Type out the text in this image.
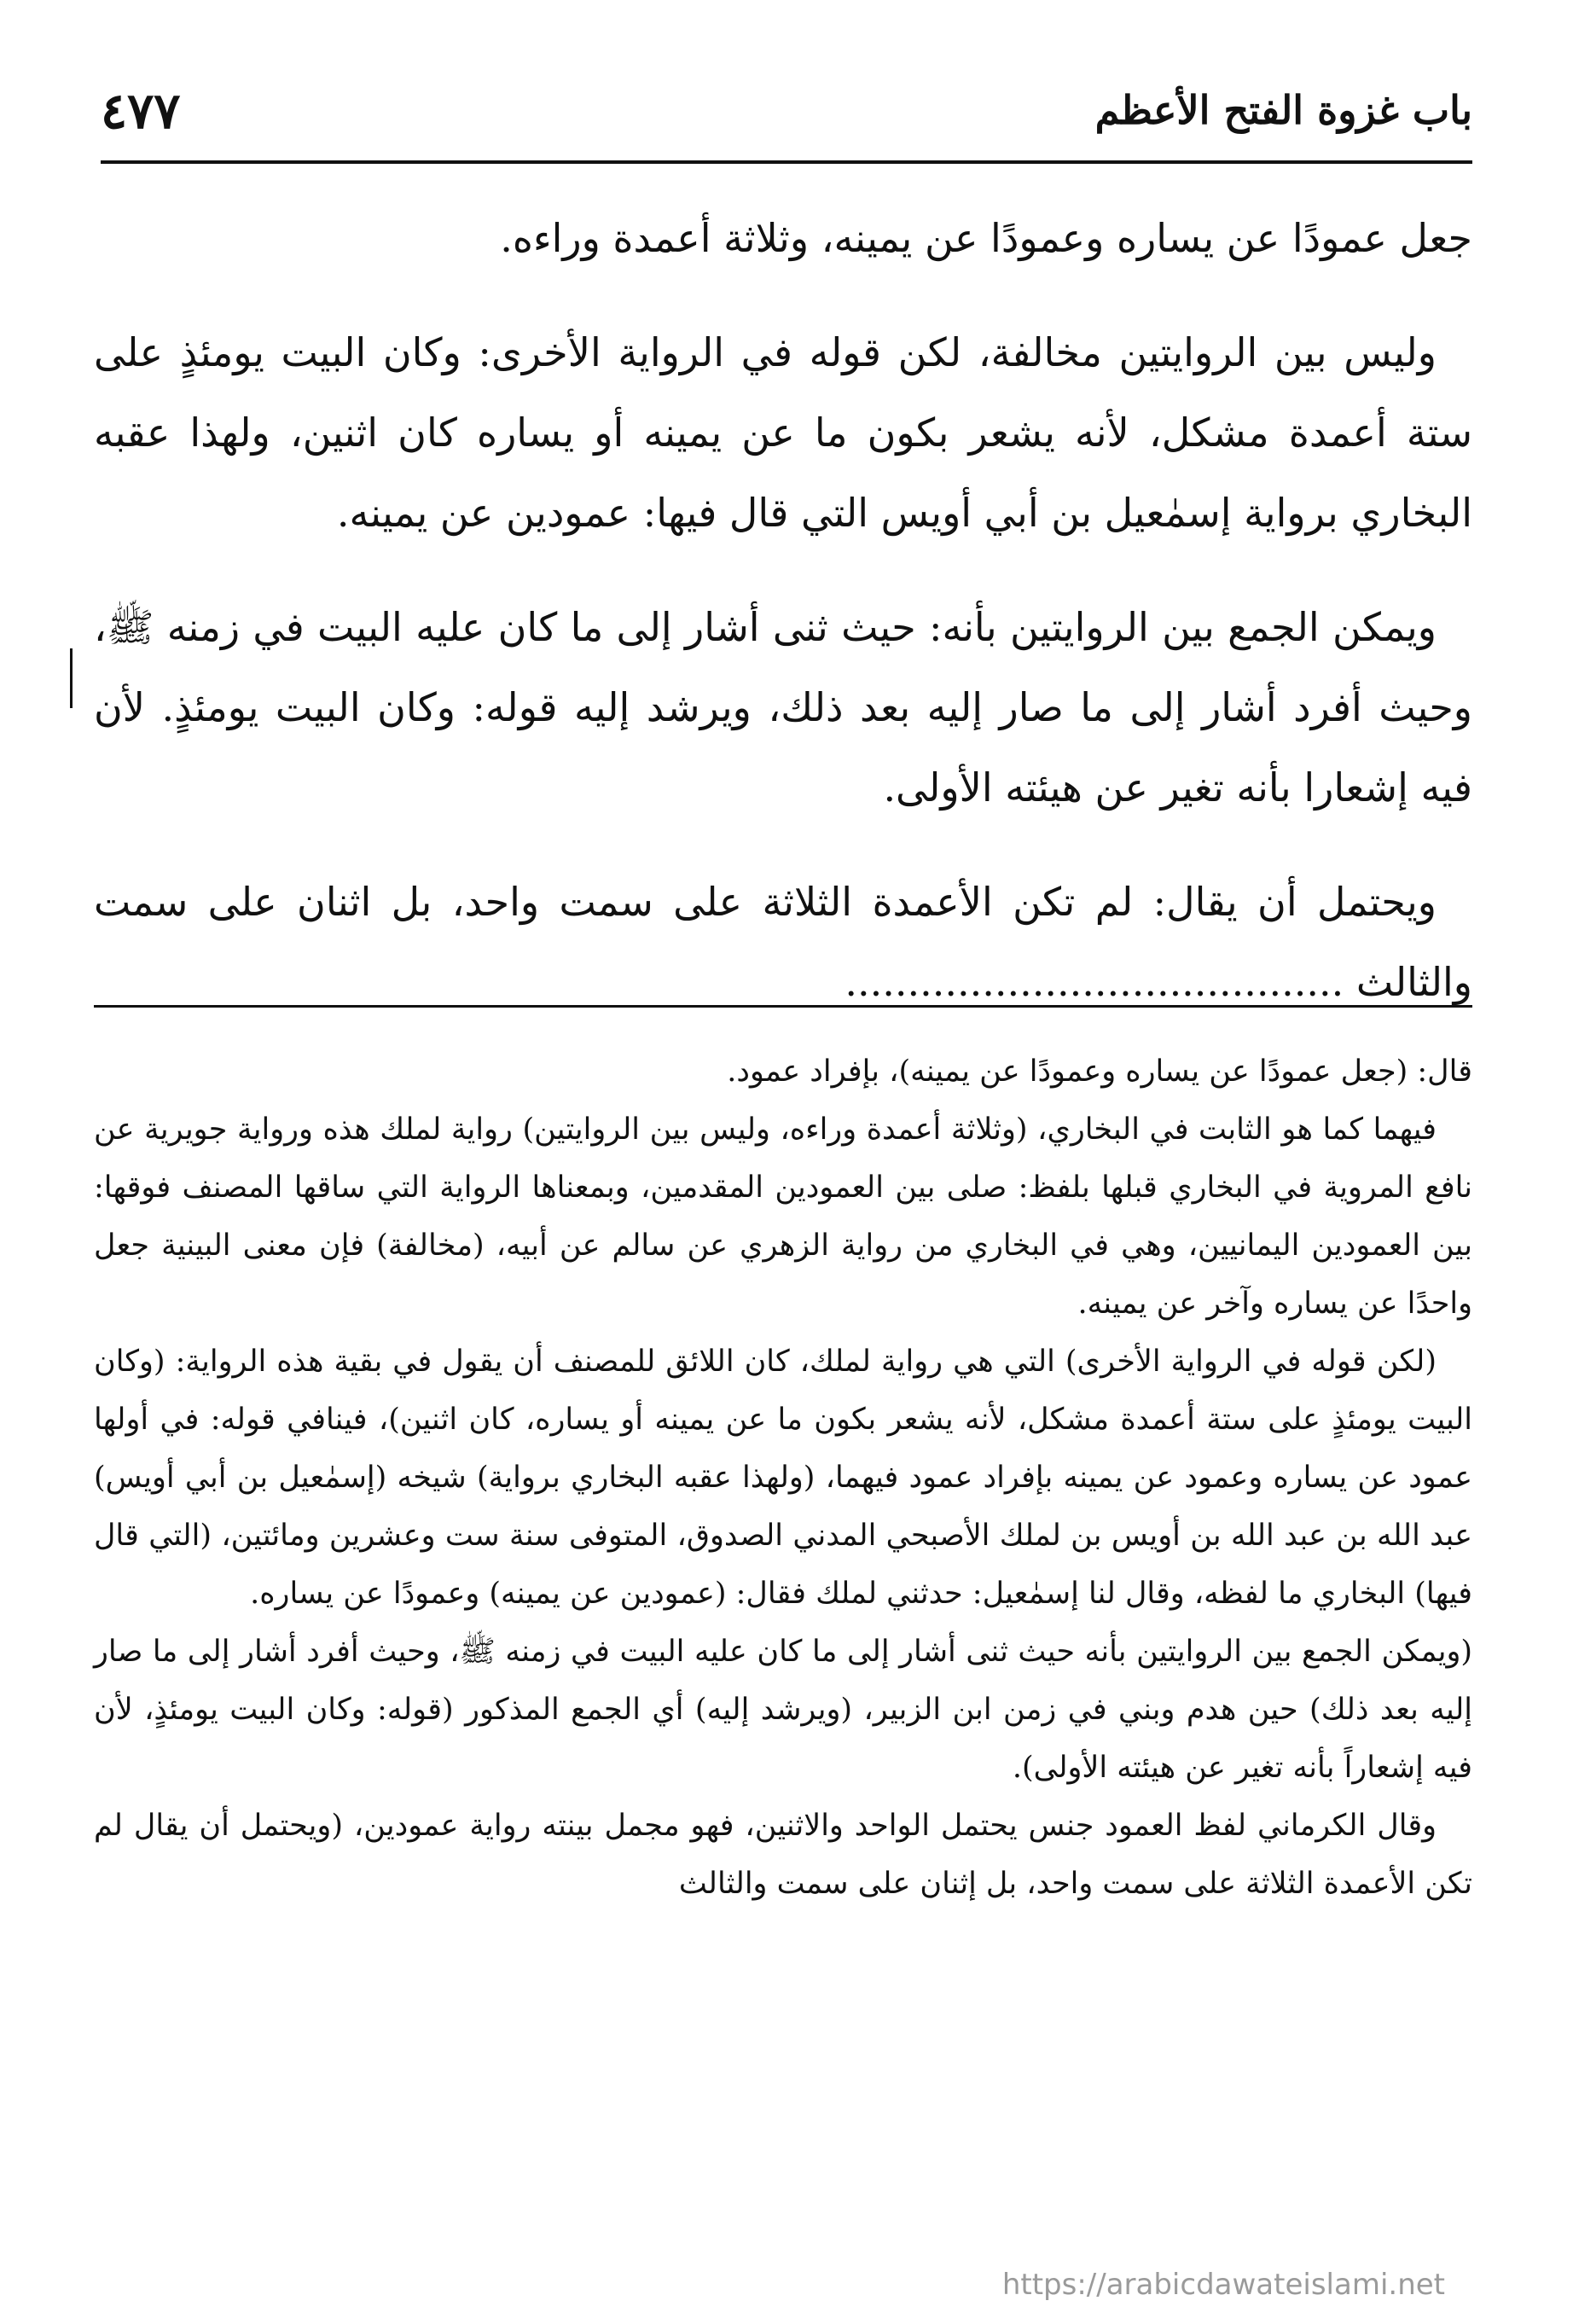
باب غزوة الفتح الأعظم
٤٧٧

جعل عمودًا عن يساره وعمودًا عن يمينه، وثلاثة أعمدة وراءه.

وليس بين الروايتين مخالفة، لكن قوله في الرواية الأخرى: وكان البيت يومئذٍ على ستة أعمدة مشكل، لأنه يشعر بكون ما عن يمينه أو يساره كان اثنين، ولهذا عقبه البخاري برواية إسمٰعيل بن أبي أويس التي قال فيها: عمودين عن يمينه.

ويمكن الجمع بين الروايتين بأنه: حيث ثنى أشار إلى ما كان عليه البيت في زمنه ﷺ، وحيث أفرد أشار إلى ما صار إليه بعد ذلك، ويرشد إليه قوله: وكان البيت يومئذٍ. لأن فيه إشعارا بأنه تغير عن هيئته الأولى.

ويحتمل أن يقال: لم تكن الأعمدة الثلاثة على سمت واحد، بل اثنان على سمت والثالث ........................................

قال: (جعل عمودًا عن يساره وعمودًا عن يمينه)، بإفراد عمود.

فيهما كما هو الثابت في البخاري، (وثلاثة أعمدة وراءه، وليس بين الروايتين) رواية لملك هذه ورواية جويرية عن نافع المروية في البخاري قبلها بلفظ: صلى بين العمودين المقدمين، وبمعناها الرواية التي ساقها المصنف فوقها: بين العمودين اليمانيين، وهي في البخاري من رواية الزهري عن سالم عن أبيه، (مخالفة) فإن معنى البينية جعل واحدًا عن يساره وآخر عن يمينه.

(لكن قوله في الرواية الأخرى) التي هي رواية لملك، كان اللائق للمصنف أن يقول في بقية هذه الرواية: (وكان البيت يومئذٍ على ستة أعمدة مشكل، لأنه يشعر بكون ما عن يمينه أو يساره، كان اثنين)، فينافي قوله: في أولها عمود عن يساره وعمود عن يمينه بإفراد عمود فيهما، (ولهذا عقبه البخاري برواية) شيخه (إسمٰعيل بن أبي أويس) عبد الله بن عبد الله بن أويس بن لملك الأصبحي المدني الصدوق، المتوفى سنة ست وعشرين ومائتين، (التي قال فيها) البخاري ما لفظه، وقال لنا إسمٰعيل: حدثني لملك فقال: (عمودين عن يمينه) وعمودًا عن يساره.

(ويمكن الجمع بين الروايتين بأنه حيث ثنى أشار إلى ما كان عليه البيت في زمنه ﷺ، وحيث أفرد أشار إلى ما صار إليه بعد ذلك) حين هدم وبني في زمن ابن الزبير، (ويرشد إليه) أي الجمع المذكور (قوله: وكان البيت يومئذٍ، لأن فيه إشعاراً بأنه تغير عن هيئته الأولى).

وقال الكرماني لفظ العمود جنس يحتمل الواحد والاثنين، فهو مجمل بينته رواية عمودين، (ويحتمل أن يقال لم تكن الأعمدة الثلاثة على سمت واحد، بل إثنان على سمت والثالث

https://arabicdawateislami.net
